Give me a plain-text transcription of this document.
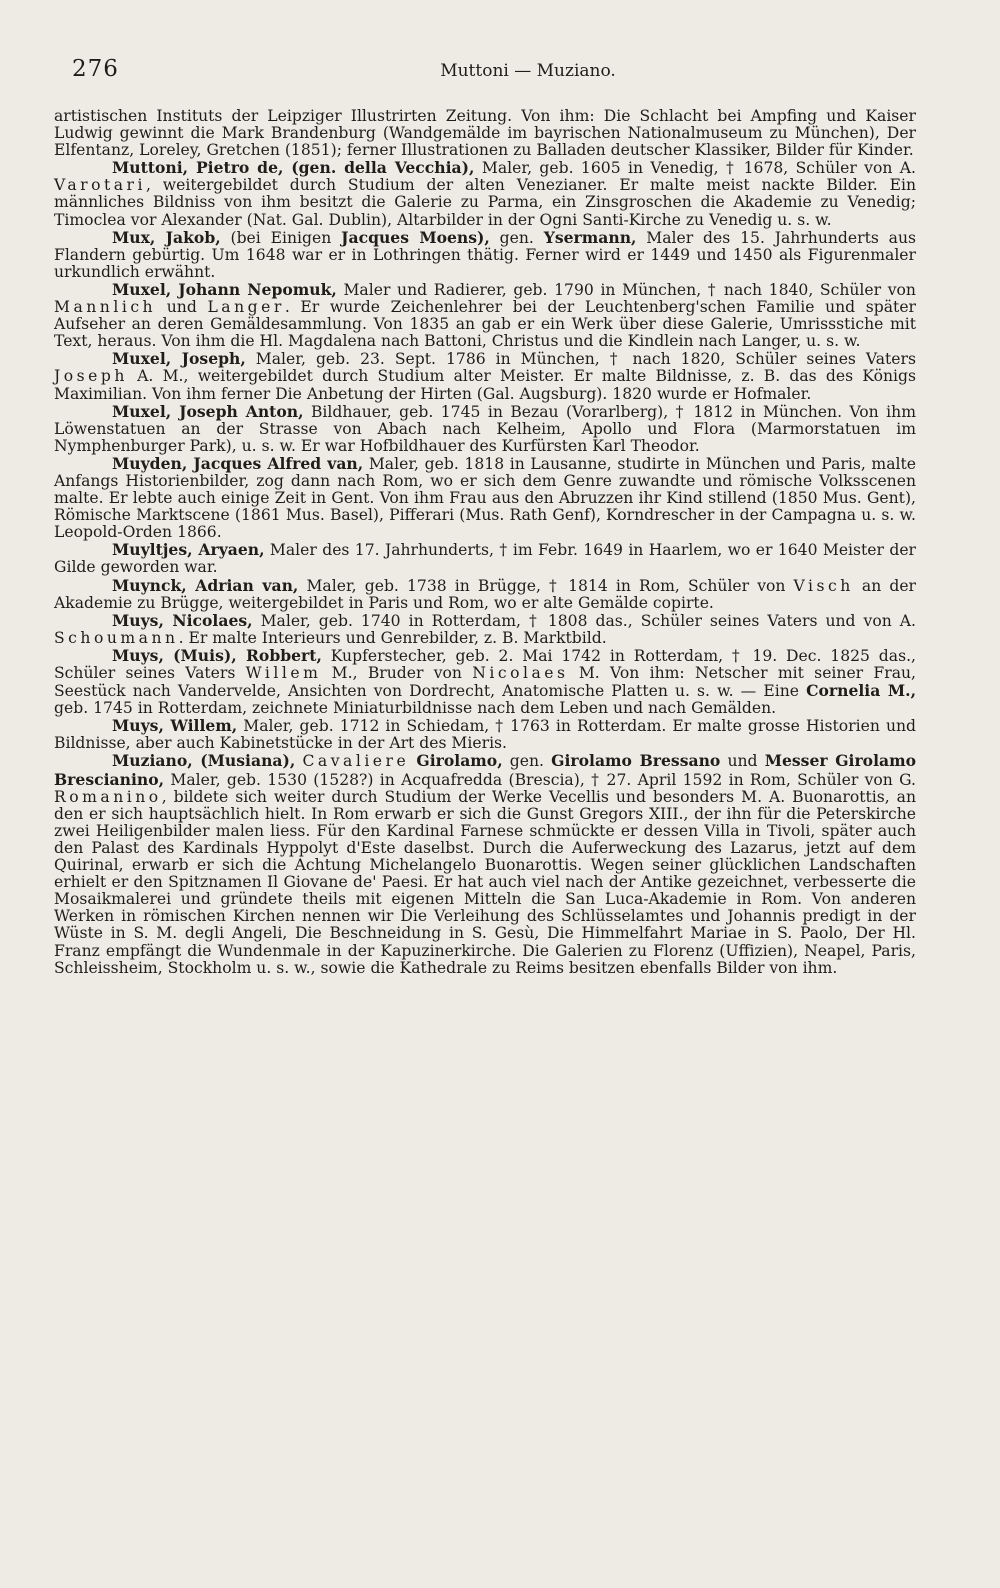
276	Muttoni — Muziano.

artistischen Instituts der Leipziger Illustrirten Zeitung. Von ihm: Die Schlacht bei Ampfing und Kaiser Ludwig gewinnt die Mark Brandenburg (Wandgemälde im bayrischen Nationalmuseum zu München), Der Elfentanz, Loreley, Gretchen (1851); ferner Illustrationen zu Balladen deutscher Klassiker, Bilder für Kinder.

Muttoni, Pietro de, (gen. della Vecchia), Maler, geb. 1605 in Venedig, † 1678, Schüler von A. Varotari, weitergebildet durch Studium der alten Venezianer. Er malte meist nackte Bilder. Ein männliches Bildniss von ihm besitzt die Galerie zu Parma, ein Zinsgroschen die Akademie zu Venedig; Timoclea vor Alexander (Nat. Gal. Dublin), Altarbilder in der Ogni Santi-Kirche zu Venedig u. s. w.

Mux, Jakob, (bei Einigen Jacques Moens), gen. Ysermann, Maler des 15. Jahrhunderts aus Flandern gebürtig. Um 1648 war er in Lothringen thätig. Ferner wird er 1449 und 1450 als Figurenmaler urkundlich erwähnt.

Muxel, Johann Nepomuk, Maler und Radierer, geb. 1790 in München, † nach 1840, Schüler von Mannlich und Langer. Er wurde Zeichenlehrer bei der Leuchtenberg'schen Familie und später Aufseher an deren Gemäldesammlung. Von 1835 an gab er ein Werk über diese Galerie, Umrissstiche mit Text, heraus. Von ihm die Hl. Magdalena nach Battoni, Christus und die Kindlein nach Langer, u. s. w.

Muxel, Joseph, Maler, geb. 23. Sept. 1786 in München, † nach 1820, Schüler seines Vaters Joseph A. M., weitergebildet durch Studium alter Meister. Er malte Bildnisse, z. B. das des Königs Maximilian. Von ihm ferner Die Anbetung der Hirten (Gal. Augsburg). 1820 wurde er Hofmaler.

Muxel, Joseph Anton, Bildhauer, geb. 1745 in Bezau (Vorarlberg), † 1812 in München. Von ihm Löwenstatuen an der Strasse von Abach nach Kelheim, Apollo und Flora (Marmorstatuen im Nymphenburger Park), u. s. w. Er war Hofbildhauer des Kurfürsten Karl Theodor.

Muyden, Jacques Alfred van, Maler, geb. 1818 in Lausanne, studirte in München und Paris, malte Anfangs Historienbilder, zog dann nach Rom, wo er sich dem Genre zuwandte und römische Volksscenen malte. Er lebte auch einige Zeit in Gent. Von ihm Frau aus den Abruzzen ihr Kind stillend (1850 Mus. Gent), Römische Marktscene (1861 Mus. Basel), Pifferari (Mus. Rath Genf), Korndrescher in der Campagna u. s. w. Leopold-Orden 1866.

Muyltjes, Aryaen, Maler des 17. Jahrhunderts, † im Febr. 1649 in Haarlem, wo er 1640 Meister der Gilde geworden war.

Muynck, Adrian van, Maler, geb. 1738 in Brügge, † 1814 in Rom, Schüler von Visch an der Akademie zu Brügge, weitergebildet in Paris und Rom, wo er alte Gemälde copirte.

Muys, Nicolaes, Maler, geb. 1740 in Rotterdam, † 1808 das., Schüler seines Vaters und von A. Schoumann. Er malte Interieurs und Genrebilder, z. B. Marktbild.

Muys, (Muis), Robbert, Kupferstecher, geb. 2. Mai 1742 in Rotterdam, † 19. Dec. 1825 das., Schüler seines Vaters Willem M., Bruder von Nicolaes M. Von ihm: Netscher mit seiner Frau, Seestück nach Vandervelde, Ansichten von Dordrecht, Anatomische Platten u. s. w. — Eine Cornelia M., geb. 1745 in Rotterdam, zeichnete Miniaturbildnisse nach dem Leben und nach Gemälden.

Muys, Willem, Maler, geb. 1712 in Schiedam, † 1763 in Rotterdam. Er malte grosse Historien und Bildnisse, aber auch Kabinetstücke in der Art des Mieris.

Muziano, (Musiana), Cavaliere Girolamo, gen. Girolamo Bressano und Messer Girolamo Brescianino, Maler, geb. 1530 (1528?) in Acquafredda (Brescia), † 27. April 1592 in Rom, Schüler von G. Romanino, bildete sich weiter durch Studium der Werke Vecellis und besonders M. A. Buonarottis, an den er sich hauptsächlich hielt. In Rom erwarb er sich die Gunst Gregors XIII., der ihn für die Peterskirche zwei Heiligenbilder malen liess. Für den Kardinal Farnese schmückte er dessen Villa in Tivoli, später auch den Palast des Kardinals Hyppolyt d'Este daselbst. Durch die Auferweckung des Lazarus, jetzt auf dem Quirinal, erwarb er sich die Achtung Michelangelo Buonarottis. Wegen seiner glücklichen Landschaften erhielt er den Spitznamen Il Giovane de' Paesi. Er hat auch viel nach der Antike gezeichnet, verbesserte die Mosaikmalerei und gründete theils mit eigenen Mitteln die San Luca-Akademie in Rom. Von anderen Werken in römischen Kirchen nennen wir Die Verleihung des Schlüsselamtes und Johannis predigt in der Wüste in S. M. degli Angeli, Die Beschneidung in S. Gesù, Die Himmelfahrt Mariae in S. Paolo, Der Hl. Franz empfängt die Wundenmale in der Kapuzinerkirche. Die Galerien zu Florenz (Uffizien), Neapel, Paris, Schleissheim, Stockholm u. s. w., sowie die Kathedrale zu Reims besitzen ebenfalls Bilder von ihm.
